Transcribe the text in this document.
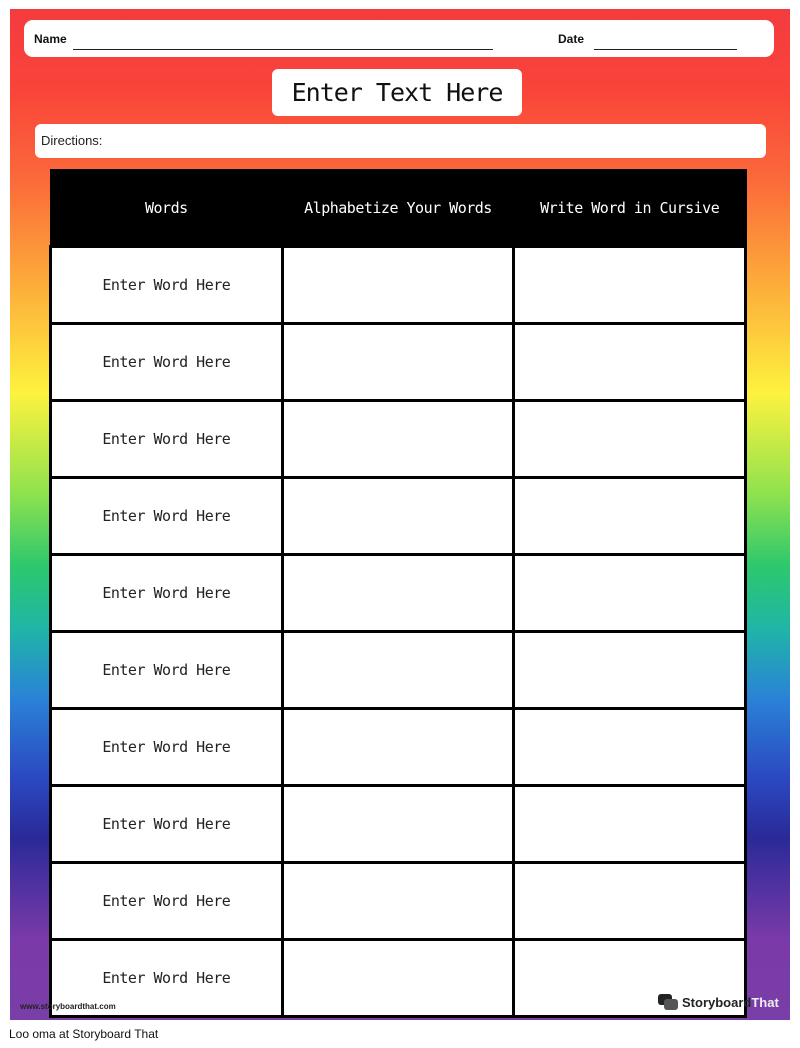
Name	Date
Enter Text Here
Directions:
Words	Alphabetize Your Words	Write Word in Cursive
Enter Word Here		
Enter Word Here		
Enter Word Here		
Enter Word Here		
Enter Word Here		
Enter Word Here		
Enter Word Here		
Enter Word Here		
Enter Word Here		
Enter Word Here		
www.storyboardthat.com	StoryboardThat
Loo oma at Storyboard That
